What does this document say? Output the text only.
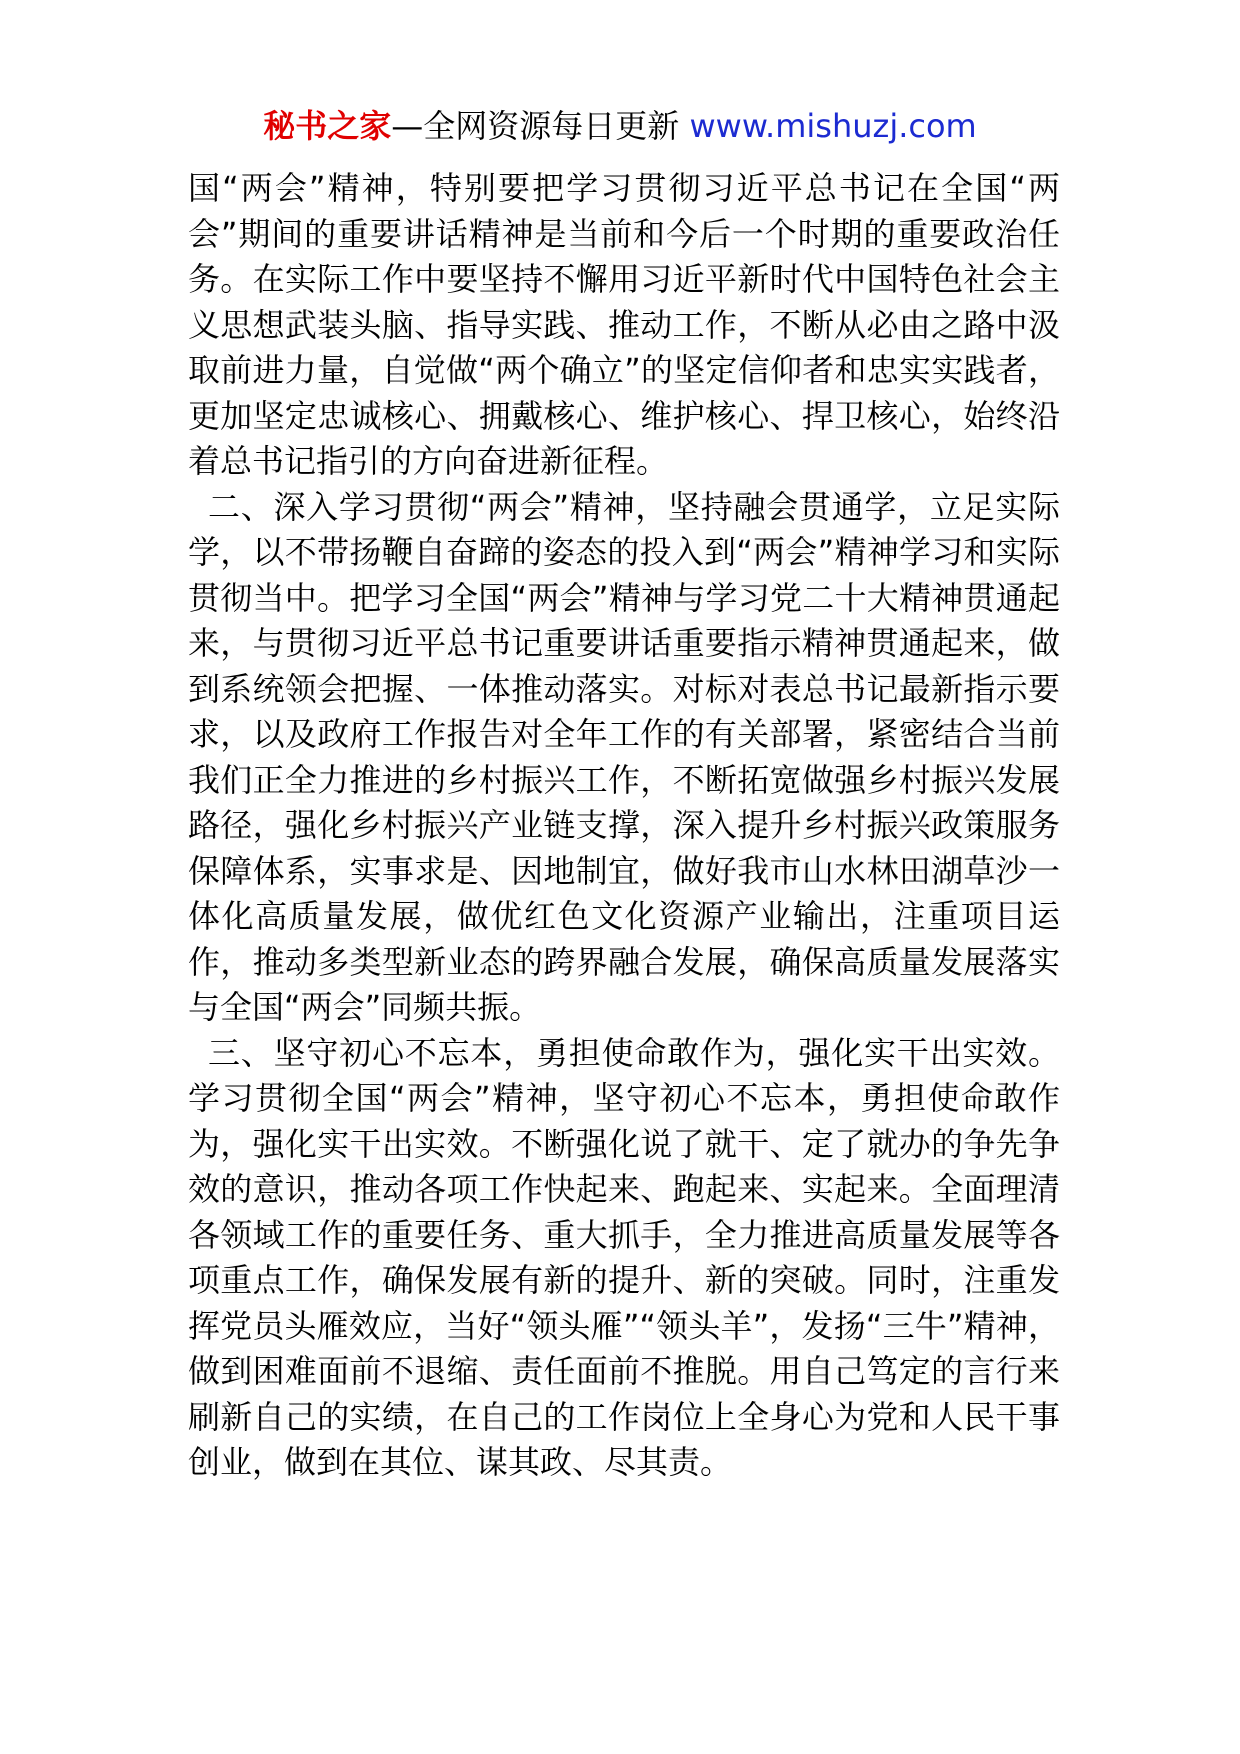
秘书之家—全网资源每日更新 www.mishuzj.com

国“两会”精神，特别要把学习贯彻习近平总书记在全国“两会”期间的重要讲话精神是当前和今后一个时期的重要政治任务。在实际工作中要坚持不懈用习近平新时代中国特色社会主义思想武装头脑、指导实践、推动工作，不断从必由之路中汲取前进力量，自觉做“两个确立”的坚定信仰者和忠实实践者，更加坚定忠诚核心、拥戴核心、维护核心、捍卫核心，始终沿着总书记指引的方向奋进新征程。

二、深入学习贯彻“两会”精神，坚持融会贯通学，立足实际学，以不带扬鞭自奋蹄的姿态的投入到“两会”精神学习和实际贯彻当中。把学习全国“两会”精神与学习党二十大精神贯通起来，与贯彻习近平总书记重要讲话重要指示精神贯通起来，做到系统领会把握、一体推动落实。对标对表总书记最新指示要求，以及政府工作报告对全年工作的有关部署，紧密结合当前我们正全力推进的乡村振兴工作，不断拓宽做强乡村振兴发展路径，强化乡村振兴产业链支撑，深入提升乡村振兴政策服务保障体系，实事求是、因地制宜，做好我市山水林田湖草沙一体化高质量发展，做优红色文化资源产业输出，注重项目运作，推动多类型新业态的跨界融合发展，确保高质量发展落实与全国“两会”同频共振。

三、坚守初心不忘本，勇担使命敢作为，强化实干出实效。学习贯彻全国“两会”精神，坚守初心不忘本，勇担使命敢作为，强化实干出实效。不断强化说了就干、定了就办的争先争效的意识，推动各项工作快起来、跑起来、实起来。全面理清各领域工作的重要任务、重大抓手，全力推进高质量发展等各项重点工作，确保发展有新的提升、新的突破。同时，注重发挥党员头雁效应，当好“领头雁”“领头羊”，发扬“三牛”精神，做到困难面前不退缩、责任面前不推脱。用自己笃定的言行来刷新自己的实绩，在自己的工作岗位上全身心为党和人民干事创业，做到在其位、谋其政、尽其责。
